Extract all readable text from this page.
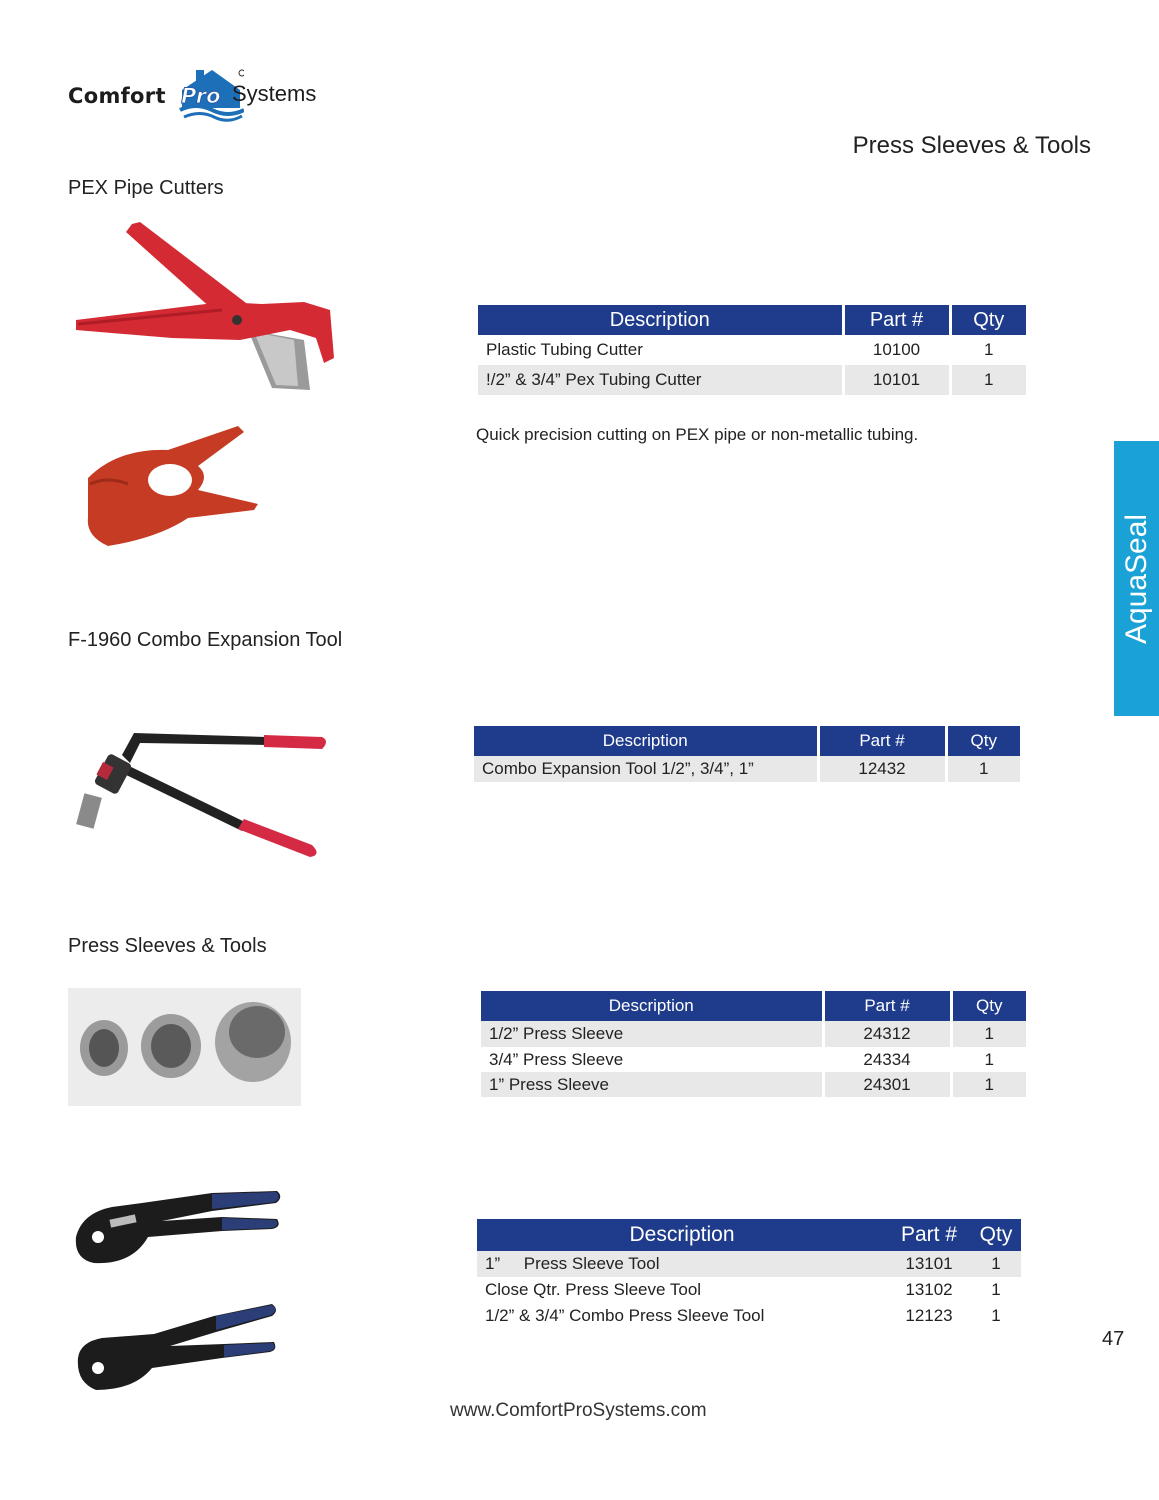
Comfort Pro Systems
Press Sleeves & Tools
AquaSeal
PEX Pipe Cutters
Description	Part #	Qty
Plastic Tubing Cutter	10100	1
!/2” & 3/4” Pex Tubing Cutter	10101	1
Quick precision cutting on PEX pipe or non-metallic tubing.
F-1960 Combo Expansion Tool
Description	Part #	Qty
Combo Expansion Tool 1/2”, 3/4”, 1”	12432	1
Press Sleeves & Tools
Description	Part #	Qty
1/2” Press Sleeve	24312	1
3/4” Press Sleeve	24334	1
1” Press Sleeve	24301	1
Description	Part #	Qty
1”     Press Sleeve Tool	13101	1
Close Qtr. Press Sleeve Tool	13102	1
1/2” & 3/4” Combo Press Sleeve Tool	12123	1
47
www.ComfortProSystems.com
